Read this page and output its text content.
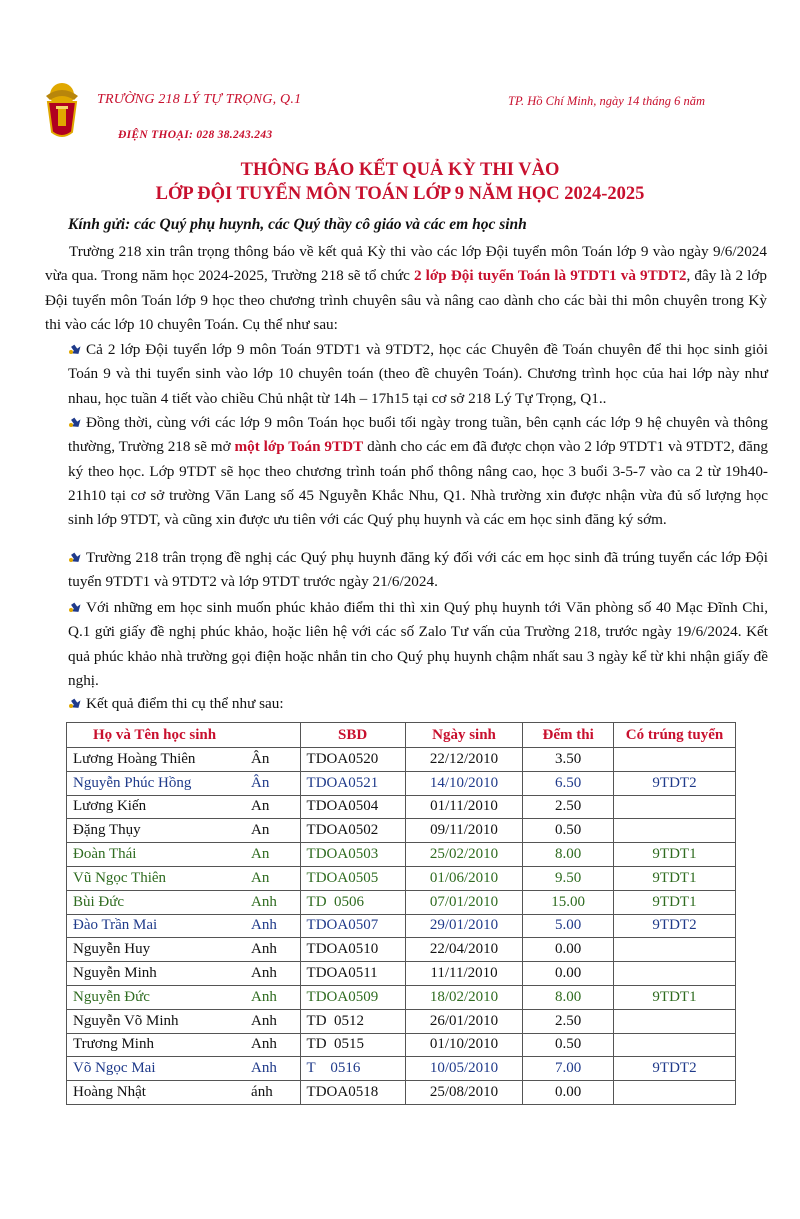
TRƯỜNG 218 LÝ TỰ TRỌNG, Q.1
ĐIỆN THOẠI: 028 38.243.243
TP. Hồ Chí Minh, ngày 14 tháng 6 năm
THÔNG BÁO KẾT QUẢ KỲ THI VÀO
LỚP ĐỘI TUYỂN MÔN TOÁN LỚP 9 NĂM HỌC 2024-2025
Kính gửi: các Quý phụ huynh, các Quý thầy cô giáo và các em học sinh

Trường 218 xin trân trọng thông báo về kết quả Kỳ thi vào các lớp Đội tuyển môn Toán lớp 9 vào ngày 9/6/2024 vừa qua. Trong năm học 2024-2025, Trường 218 sẽ tổ chức 2 lớp Đội tuyển Toán là 9TDT1 và 9TDT2, đây là 2 lớp Đội tuyển môn Toán lớp 9 học theo chương trình chuyên sâu và nâng cao dành cho các bài thi môn chuyên trong Kỳ thi vào các lớp 10 chuyên Toán. Cụ thể như sau:

Cả 2 lớp Đội tuyển lớp 9 môn Toán 9TDT1 và 9TDT2, học các Chuyên đề Toán chuyên để thi học sinh giỏi Toán 9 và thi tuyển sinh vào lớp 10 chuyên toán (theo đề chuyên Toán). Chương trình học của hai lớp này như nhau, học tuần 4 tiết vào chiều Chủ nhật từ 14h – 17h15 tại cơ sở 218 Lý Tự Trọng, Q1..

Đồng thời, cùng với các lớp 9 môn Toán học buổi tối ngày trong tuần, bên cạnh các lớp 9 hệ chuyên và thông thường, Trường 218 sẽ mở một lớp Toán 9TDT dành cho các em đã được chọn vào 2 lớp 9TDT1 và 9TDT2, đăng ký theo học. Lớp 9TDT sẽ học theo chương trình toán phổ thông nâng cao, học 3 buổi 3-5-7 vào ca 2 từ 19h40-21h10 tại cơ sở trường Văn Lang số 45 Nguyễn Khắc Nhu, Q1. Nhà trường xin được nhận vừa đủ số lượng học sinh lớp 9TDT, và cũng xin được ưu tiên với các Quý phụ huynh và các em học sinh đăng ký sớm.

Trường 218 trân trọng đề nghị các Quý phụ huynh đăng ký đối với các em học sinh đã trúng tuyển các lớp Đội tuyển 9TDT1 và 9TDT2 và lớp 9TDT trước ngày 21/6/2024.

Với những em học sinh muốn phúc khảo điểm thi thì xin Quý phụ huynh tới Văn phòng số 40 Mạc Đĩnh Chi, Q.1 gửi giấy đề nghị phúc khảo, hoặc liên hệ với các số Zalo Tư vấn của Trường 218, trước ngày 19/6/2024. Kết quả phúc khảo nhà trường gọi điện hoặc nhắn tin cho Quý phụ huynh chậm nhất sau 3 ngày kể từ khi nhận giấy đề nghị.

Kết quả điểm thi cụ thể như sau:

Họ và Tên học sinh		SBD	Ngày sinh	Đểm thi	Có trúng tuyển
Lương Hoàng Thiên	Ân	TDOA0520	22/12/2010	3.50	
Nguyễn Phúc Hồng	Ân	TDOA0521	14/10/2010	6.50	9TDT2
Lương Kiến	An	TDOA0504	01/11/2010	2.50	
Đặng Thụy	An	TDOA0502	09/11/2010	0.50	
Đoàn Thái	An	TDOA0503	25/02/2010	8.00	9TDT1
Vũ Ngọc Thiên	An	TDOA0505	01/06/2010	9.50	9TDT1
Bùi Đức	Anh	TD  0506	07/01/2010	15.00	9TDT1
Đào Trần Mai	Anh	TDOA0507	29/01/2010	5.00	9TDT2
Nguyễn Huy	Anh	TDOA0510	22/04/2010	0.00	
Nguyễn Minh	Anh	TDOA0511	11/11/2010	0.00	
Nguyễn Đức	Anh	TDOA0509	18/02/2010	8.00	9TDT1
Nguyễn Võ Minh	Anh	TD  0512	26/01/2010	2.50	
Trương Minh	Anh	TD  0515	01/10/2010	0.50	
Võ Ngọc Mai	Anh	T    0516	10/05/2010	7.00	9TDT2
Hoàng Nhật	ánh	TDOA0518	25/08/2010	0.00	
